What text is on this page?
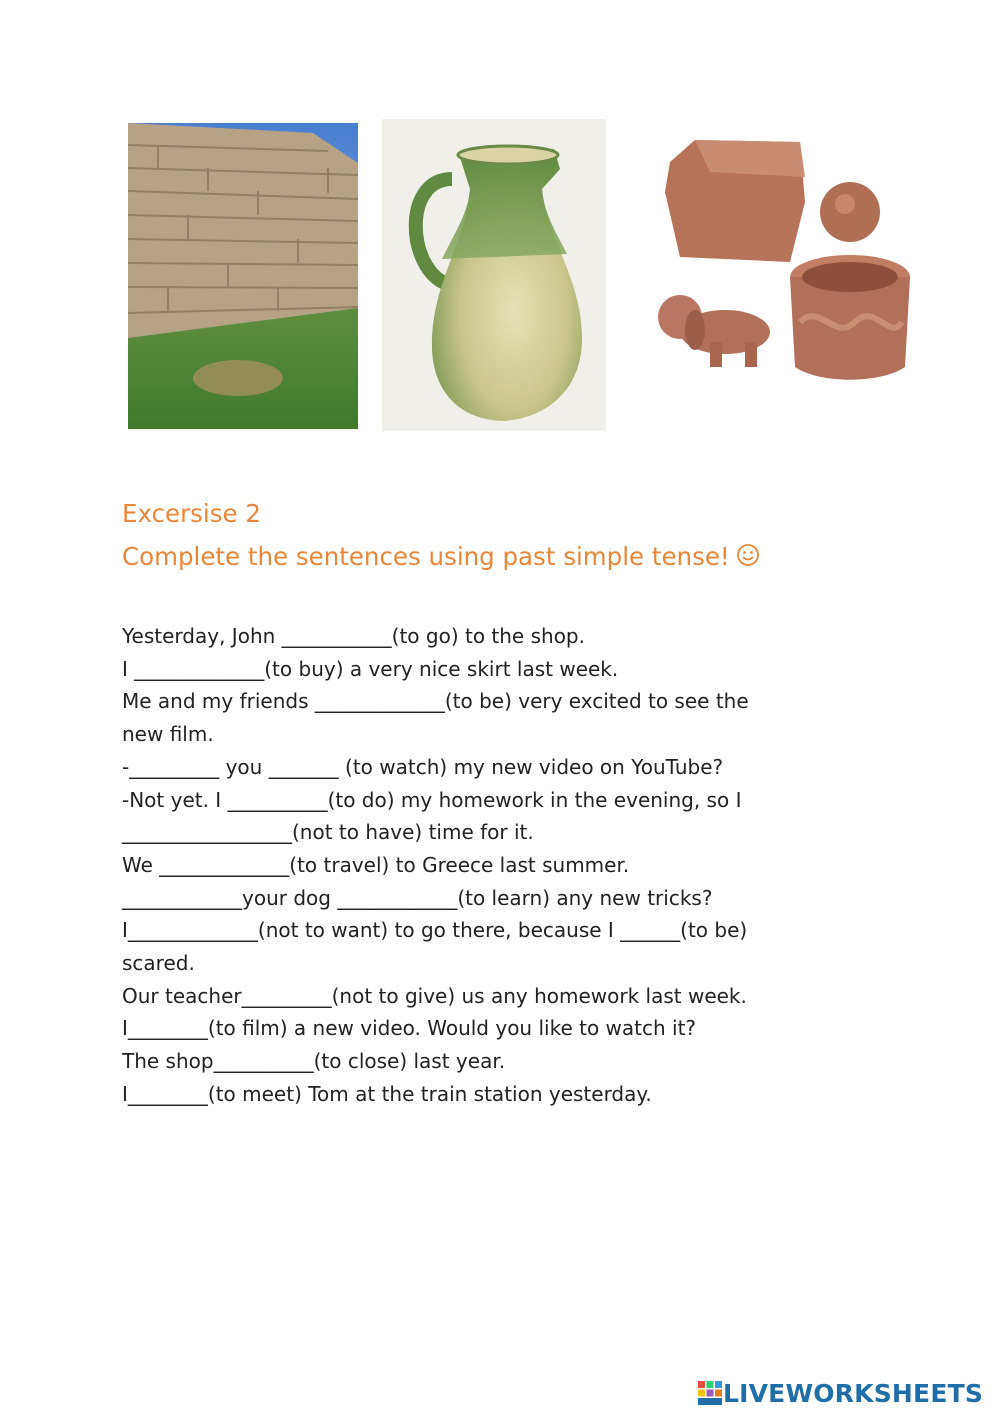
Excersise 2
Complete the sentences using past simple tense!
Yesterday, John ___________(to go) to the shop.
I _____________(to buy) a very nice skirt last week.
Me and my friends _____________(to be) very excited to see the
new film.
-_________ you _______ (to watch) my new video on YouTube?
-Not yet. I __________(to do) my homework in the evening, so I
_________________(not to have) time for it.
We _____________(to travel) to Greece last summer.
____________your dog ____________(to learn) any new tricks?
I_____________(not to want) to go there, because I ______(to be)
scared.
Our teacher_________(not to give) us any homework last week.
I________(to film) a new video. Would you like to watch it?
The shop__________(to close) last year.
I________(to meet) Tom at the train station yesterday.
LIVEWORKSHEETS
